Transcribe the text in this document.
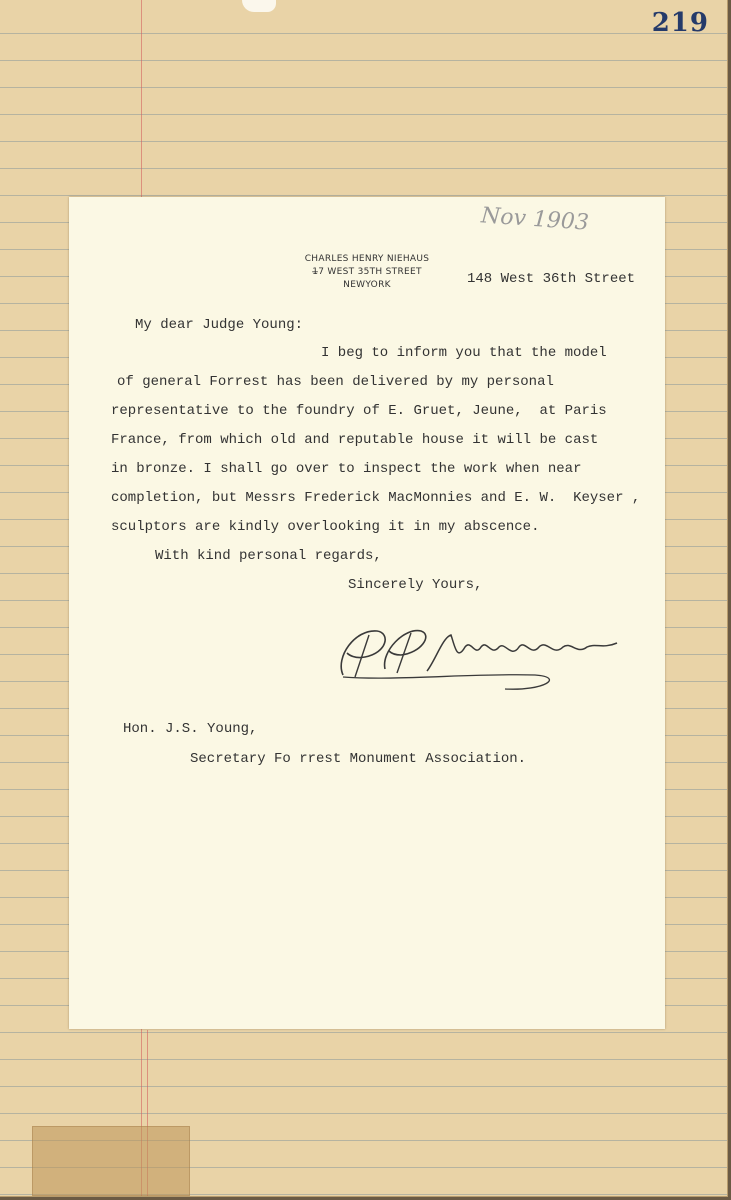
219
Nov 1903
CHARLES HENRY NIEHAUS
1̶7 WEST 35TH STREET
NEWYORK	148 West 36th Street
My dear Judge Young:
I beg to inform you that the model
of general Forrest has been delivered by my personal
representative to the foundry of E. Gruet, Jeune,  at Paris
France, from which old and reputable house it will be cast
in bronze. I shall go over to inspect the work when near
completion, but Messrs Frederick MacMonnies and E. W.  Keyser ,
sculptors are kindly overlooking it in my abscence.
With kind personal regards,
Sincerely Yours,
Hon. J.S. Young,
Secretary Fo rrest Monument Association.
